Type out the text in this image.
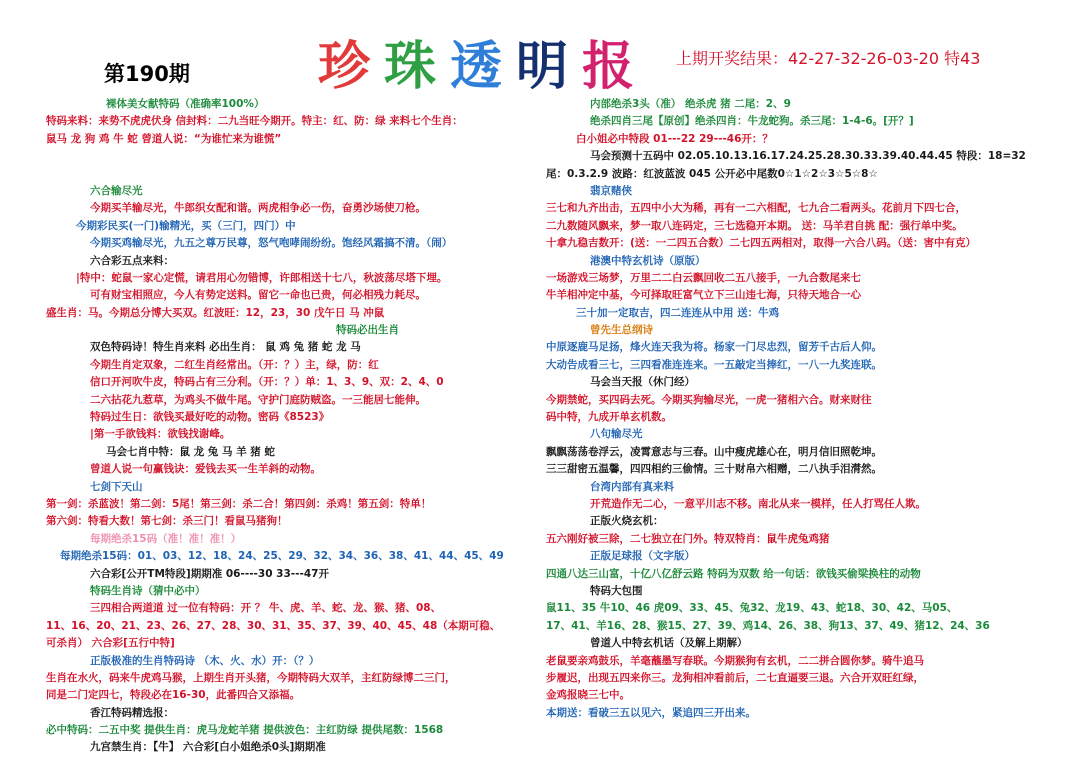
第190期 珍珠透明报 上期开奖结果：42-27-32-26-03-20 特43
裸体美女献特码（准确率100%）
特码来料：来势不虎虎伏身 信封料：二九当旺今期开。特主：红、防：绿 来料七个生肖：
鼠马 龙 狗 鸡 牛 蛇 曾道人说：“为谁忙来为谁慌”
六合输尽光
今期买羊输尽光，牛郎织女配和谐。两虎相争必一伤，奋勇沙场使刀枪。
今期彩民买(一门)输精光，买（三门，四门）中
今期买鸡输尽光，九五之尊万民尊，怒气咆哮闹纷纷。饱经风霜搞不清。（闹）
六合彩五点来料：
|特中：蛇鼠一家心定慌，请君用心勿错博，许郎相送十七八，秋波荡尽塔下埋。
可有财宝相照应，今人有势定送料。留它一命也已贵，何必相残力耗尽。
盛生肖：马。今期总分博大买双。红波旺：12，23，30 戊午日 马 冲鼠
特码必出生肖
双色特码诗！特生肖来料 必出生肖： 鼠 鸡 兔 猪 蛇 龙 马
今期生肖定双象，二红生肖经常出。（开：？）主，绿，防：红
信口开河吹牛皮，特码占有三分利。（开：？）单：1、3、9、双：2、4、0
二六拈花九惹草，为鸡头不做牛尾。守护门庭防贼盗。一三能居七能伸。
特码过生日：欲钱买最好吃的动物。密码《8523》
|第一手欲钱料：欲钱找谢峰。
马会七肖中特：鼠 龙 兔 马 羊 猪 蛇
曾道人说一句赢钱诀：爱钱去买一生羊斜的动物。
七剑下天山
第一剑：杀蓝波！第二剑：5尾！第三剑：杀二合！第四剑：杀鸡！第五剑：特单！
第六剑：特看大数！第七剑：杀三门！看鼠马猪狗！
每期绝杀15码（准！准！准！）
每期绝杀15码：01、03、12、18、24、25、29、32、34、36、38、41、44、45、49
六合彩[公开TM特段]期期准 06----30 33---47开
特码生肖诗（猜中必中）
三四相合两道道 过一位有特码：开 ？ 牛、虎、羊、蛇、龙、猴、猪、08、
11、16、20、21、23、26、27、28、30、31、35、37、39、40、45、48（本期可稳、
可杀肖） 六合彩[五行中特]
正版极准的生肖特码诗 （木、火、水）开：（？）
生肖在水火，码来牛虎鸡马猴，上期生肖开头猪，今期特码大双羊，主红防绿博二三门，
同是二门定四七，特段必在16-30，此番四合又添福。
香江特码精选报：
必中特码：二五中奖 提供生肖：虎马龙蛇羊猪 提供波色：主红防绿 提供尾数：1568
九宫禁生肖：【牛】 六合彩[白小姐绝杀0头]期期准
内部绝杀3头（准） 绝杀虎 猪 二尾：2、9
绝杀四肖三尾【原创】绝杀四肖：牛龙蛇狗。杀三尾：1-4-6。[开？]
白小姐必中特段 01---22 29---46开：？
马会预测十五码中 02.05.10.13.16.17.24.25.28.30.33.39.40.44.45 特段：18=32
尾：0.3.2.9 波路：红波蓝波 045 公开必中尾数0☆1☆2☆3☆5☆8☆
翡京赌侠
三七和九齐出击，五四中小大为稀，再有一二六相配，七九合二看两头。花前月下四七合，
二九数随风飘来，梦一取八连码定，三七选稳开本期。 送：马羊君自挑 配：强行单中奖。
十拿九稳吉数开：(送：一二四五合数）二七四五两相对，取得一六合八码。（送：害中有克）
港澳中特玄机诗（原版）
一场游戏三场梦，万里二二白云飘回收二五八接手，一九合数尾来七
牛羊相冲定中基，今可择取旺富气立下三山违七海，只待天地合一心
三十加一定取吉，四二连连从中用 送：牛鸡
曾先生总纲诗
中原逐鹿马足扬，烽火连天我为将。杨家一门尽忠烈，留芳千古后人仰。
大动告成看三七，三四看准连连来。一五敲定当捧红，一八一九奖连联。
马会当天报（休门经）
今期禁蛇，买四码去死。今期买狗输尽光，一虎一猪相六合。财来财往
码中特，九成开单玄机数。
八句输尽光
飘飘荡荡卷浮云，凌霄意志与三春。山中瘦虎雄心在，明月信旧照乾坤。
三三甜密五温馨，四四相约三偷情。三十财帛六相赠，二八执手泪潸然。
台湾内部有真来料
开荒造作无二心，一意平川志不移。南北从来一模样，任人打骂任人欺。
正版火烧玄机：
五六刚好被三除，二七独立在门外。特双特肖：鼠牛虎兔鸡猪
正版足球报（文字版）
四通八达三山富，十亿八亿舒云路 特码为双数 给一句话：欲钱买偷梁换柱的动物
特码大包围
鼠11、35 牛10、46 虎09、33、45、兔32、龙19、43、蛇18、30、42、马05、
17、41、羊16、28、猴15、27、39、鸡14、26、38、狗13、37、49、猪12、24、36
曾道人中特玄机话（及解上期解）
老鼠要亲鸡鼓乐，羊毫蘸墨写春联。今期猴狗有玄机，二二拼合圆你梦。骑牛追马
步履迟，出现五四来你三。龙狗相冲看前后，二七直逼要三退。六合开双旺红绿，
金鸡报晓三七中。
本期送：看破三五以见六，紧追四三开出来。
